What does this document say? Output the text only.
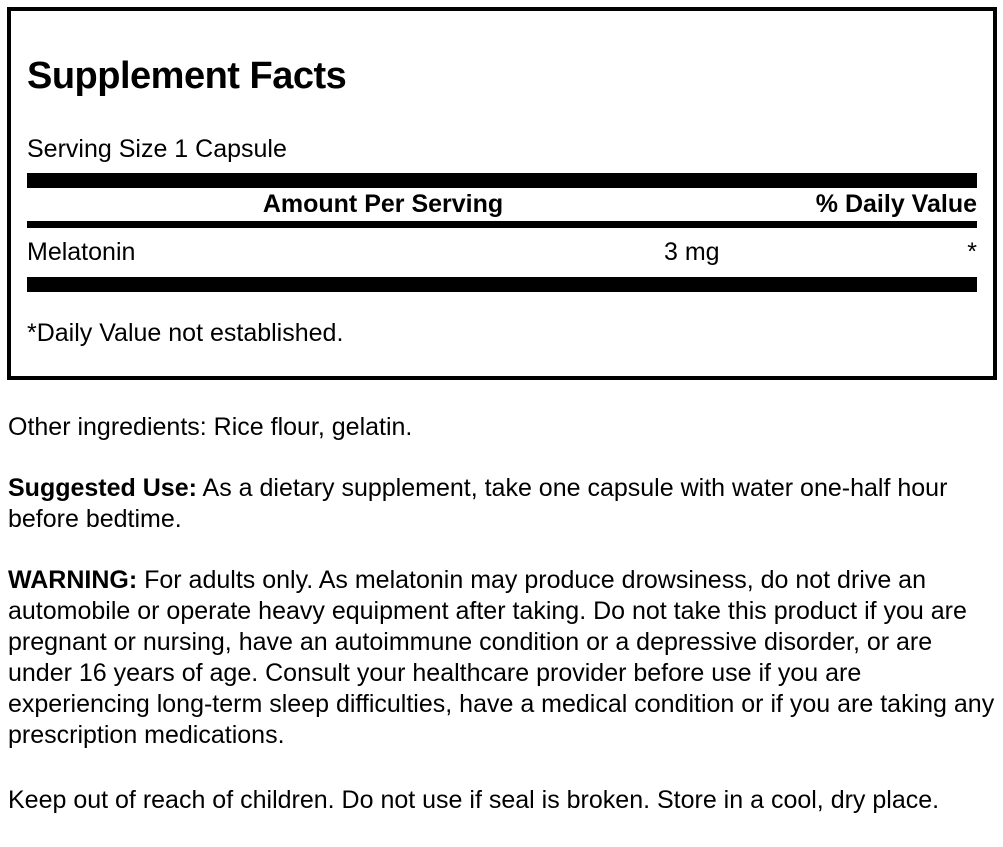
Supplement Facts
Serving Size 1 Capsule
Amount Per Serving	% Daily Value
Melatonin	3 mg	*
*Daily Value not established.

Other ingredients: Rice flour, gelatin.

Suggested Use: As a dietary supplement, take one capsule with water one-half hour before bedtime.

WARNING: For adults only. As melatonin may produce drowsiness, do not drive an automobile or operate heavy equipment after taking. Do not take this product if you are pregnant or nursing, have an autoimmune condition or a depressive disorder, or are under 16 years of age. Consult your healthcare provider before use if you are experiencing long-term sleep difficulties, have a medical condition or if you are taking any prescription medications.

Keep out of reach of children. Do not use if seal is broken. Store in a cool, dry place.
